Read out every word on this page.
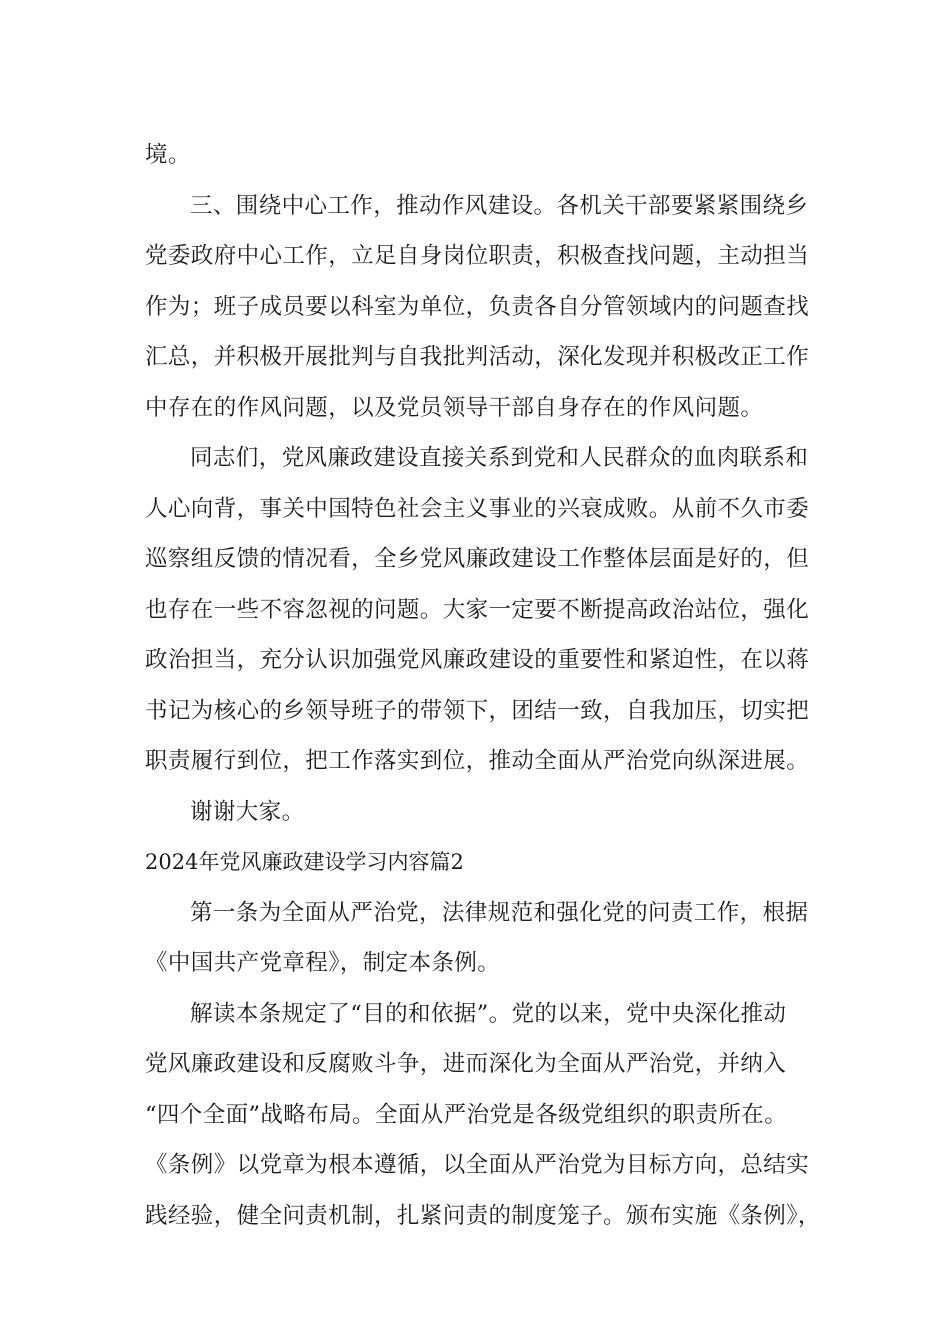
境。
三、围绕中心工作，推动作风建设。各机关干部要紧紧围绕乡
党委政府中心工作，立足自身岗位职责，积极查找问题，主动担当
作为；班子成员要以科室为单位，负责各自分管领域内的问题查找
汇总，并积极开展批判与自我批判活动，深化发现并积极改正工作
中存在的作风问题，以及党员领导干部自身存在的作风问题。
同志们，党风廉政建设直接关系到党和人民群众的血肉联系和
人心向背，事关中国特色社会主义事业的兴衰成败。从前不久市委
巡察组反馈的情况看，全乡党风廉政建设工作整体层面是好的，但
也存在一些不容忽视的问题。大家一定要不断提高政治站位，强化
政治担当，充分认识加强党风廉政建设的重要性和紧迫性，在以蒋
书记为核心的乡领导班子的带领下，团结一致，自我加压，切实把
职责履行到位，把工作落实到位，推动全面从严治党向纵深进展。
谢谢大家。
2024年党风廉政建设学习内容篇2
第一条为全面从严治党，法律规范和强化党的问责工作，根据
《中国共产党章程》，制定本条例。
解读本条规定了“目的和依据”。党的以来，党中央深化推动
党风廉政建设和反腐败斗争，进而深化为全面从严治党，并纳入
“四个全面”战略布局。全面从严治党是各级党组织的职责所在。
《条例》以党章为根本遵循，以全面从严治党为目标方向，总结实
践经验，健全问责机制，扎紧问责的制度笼子。颁布实施《条例》，
